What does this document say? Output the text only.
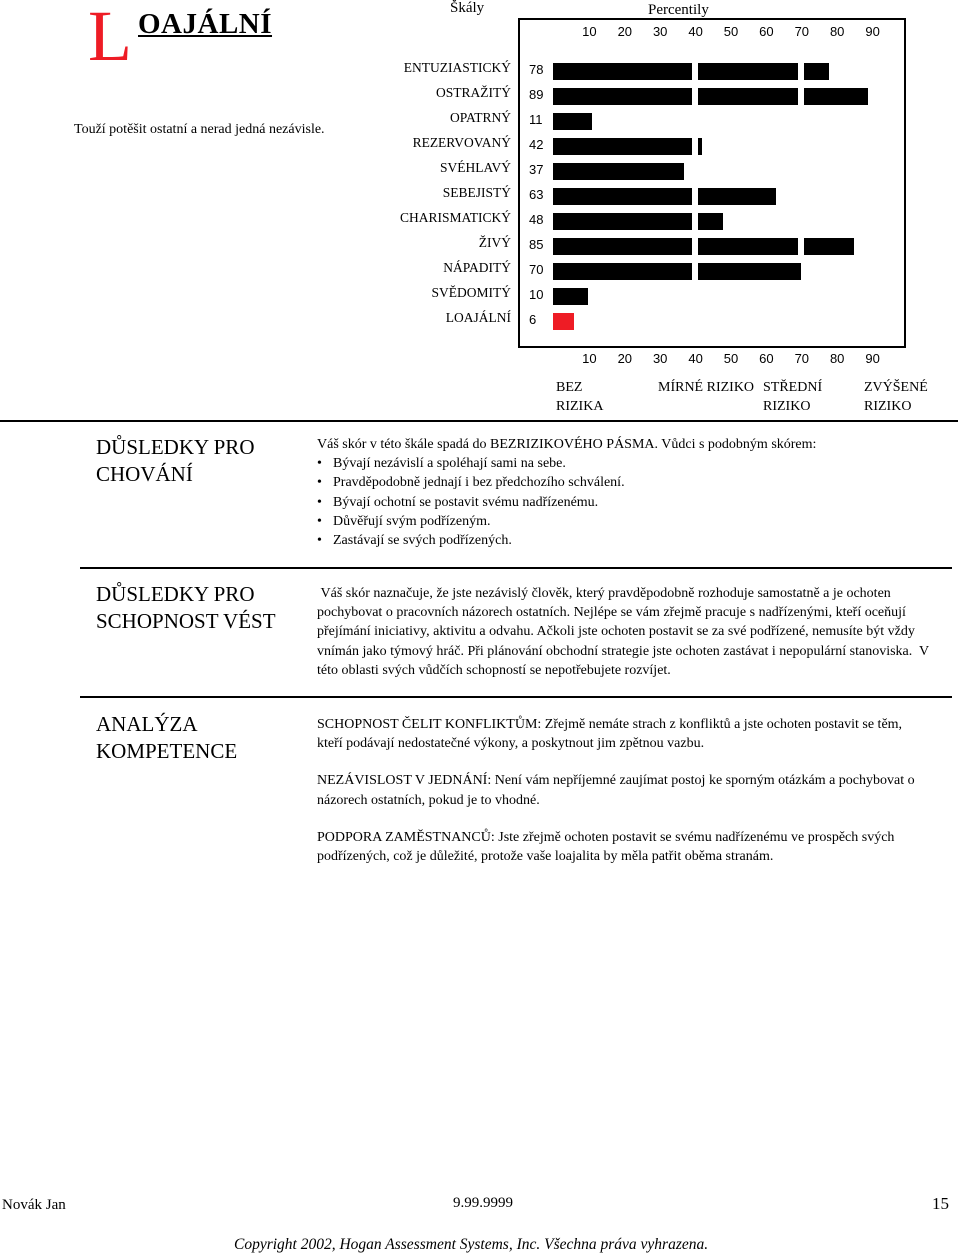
L OAJÁLNÍ
Touží potěšit ostatní a nerad jedná nezávisle.
Škály	Percentily
10
10
20
20
30
30
40
40
50
50
60
60
70
70
80
80
90
90
BEZ RIZIKA
MÍRNÉ RIZIKO STŘEDNÍ RIZIKO
ZVÝŠENÉ RIZIKO
ENTUZIASTICKÝ 78
OSTRAŽITÝ 89
OPATRNÝ 11
REZERVOVANÝ 42
SVÉHLAVÝ 37
SEBEJISTÝ 63
CHARISMATICKÝ 48
ŽIVÝ 85
NÁPADITÝ 70
SVĚDOMITÝ 10
LOAJÁLNÍ 6
DŮSLEDKY PRO
CHOVÁNÍ
Váš skór v této škále spadá do BEZRIZIKOVÉHO PÁSMA. Vůdci s podobným skórem:
• Bývají nezávislí a spoléhají sami na sebe.
• Pravděpodobně jednají i bez předchozího schválení.
• Bývají ochotní se postavit svému nadřízenému.
• Důvěřují svým podřízeným.
• Zastávají se svých podřízených.
DŮSLEDKY PRO
SCHOPNOST VÉST
Váš skór naznačuje, že jste nezávislý člověk, který pravděpodobně rozhoduje samostatně a je ochoten pochybovat o pracovních názorech ostatních. Nejlépe se vám zřejmě pracuje s nadřízenými, kteří oceňují přejímání iniciativy, aktivitu a odvahu. Ačkoli jste ochoten postavit se za své podřízené, nemusíte být vždy vnímán jako týmový hráč. Při plánování obchodní strategie jste ochoten zastávat i nepopulární stanoviska.  V této oblasti svých vůdčích schopností se nepotřebujete rozvíjet.
ANALÝZA
KOMPETENCE
SCHOPNOST ČELIT KONFLIKTŮM: Zřejmě nemáte strach z konfliktů a jste ochoten postavit se těm, kteří podávají nedostatečné výkony, a poskytnout jim zpětnou vazbu.
NEZÁVISLOST V JEDNÁNÍ: Není vám nepříjemné zaujímat postoj ke sporným otázkám a pochybovat o názorech ostatních, pokud je to vhodné.
PODPORA ZAMĚSTNANCŮ: Jste zřejmě ochoten postavit se svému nadřízenému ve prospěch svých podřízených, což je důležité, protože vaše loajalita by měla patřit oběma stranám.
Novák Jan	9.99.9999	15
Copyright 2002, Hogan Assessment Systems, Inc. Všechna práva vyhrazena.
